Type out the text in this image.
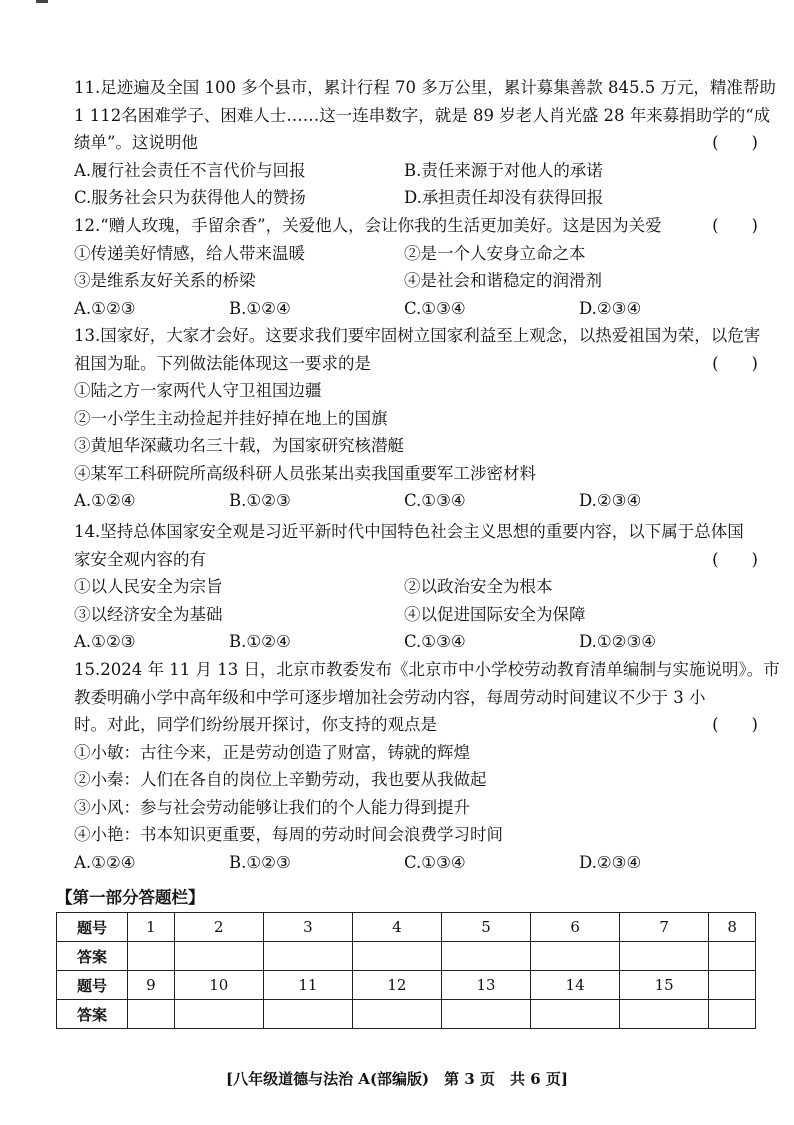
11.足迹遍及全国 100 多个县市，累计行程 70 多万公里，累计募集善款 845.5 万元，精准帮助
1 112名困难学子、困难人士……这一连串数字，就是 89 岁老人肖光盛 28 年来募捐助学的“成
绩单”。这说明他	(　　)
A.履行社会责任不言代价与回报	B.责任来源于对他人的承诺
C.服务社会只为获得他人的赞扬	D.承担责任却没有获得回报
12.“赠人玫瑰，手留余香”，关爱他人，会让你我的生活更加美好。这是因为关爱	(　　)
①传递美好情感，给人带来温暖	②是一个人安身立命之本
③是维系友好关系的桥梁	④是社会和谐稳定的润滑剂
A.①②③	B.①②④	C.①③④	D.②③④
13.国家好，大家才会好。这要求我们要牢固树立国家利益至上观念，以热爱祖国为荣，以危害
祖国为耻。下列做法能体现这一要求的是	(　　)
①陆之方一家两代人守卫祖国边疆
②一小学生主动捡起并挂好掉在地上的国旗
③黄旭华深藏功名三十载，为国家研究核潜艇
④某军工科研院所高级科研人员张某出卖我国重要军工涉密材料
A.①②④	B.①②③	C.①③④	D.②③④
14.坚持总体国家安全观是习近平新时代中国特色社会主义思想的重要内容，以下属于总体国
家安全观内容的有	(　　)
①以人民安全为宗旨	②以政治安全为根本
③以经济安全为基础	④以促进国际安全为保障
A.①②③	B.①②④	C.①③④	D.①②③④
15.2024 年 11 月 13 日，北京市教委发布《北京市中小学校劳动教育清单编制与实施说明》。市
教委明确小学中高年级和中学可逐步增加社会劳动内容，每周劳动时间建议不少于 3 小
时。对此，同学们纷纷展开探讨，你支持的观点是	(　　)
①小敏：古往今来，正是劳动创造了财富，铸就的辉煌
②小秦：人们在各自的岗位上辛勤劳动，我也要从我做起
③小风：参与社会劳动能够让我们的个人能力得到提升
④小艳：书本知识更重要，每周的劳动时间会浪费学习时间
A.①②④	B.①②③	C.①③④	D.②③④
【第一部分答题栏】
题号	1	2	3	4	5	6	7	8
答案								
题号	9	10	11	12	13	14	15	
答案								
[八年级道德与法治 A(部编版)　第 3 页　共 6 页]
